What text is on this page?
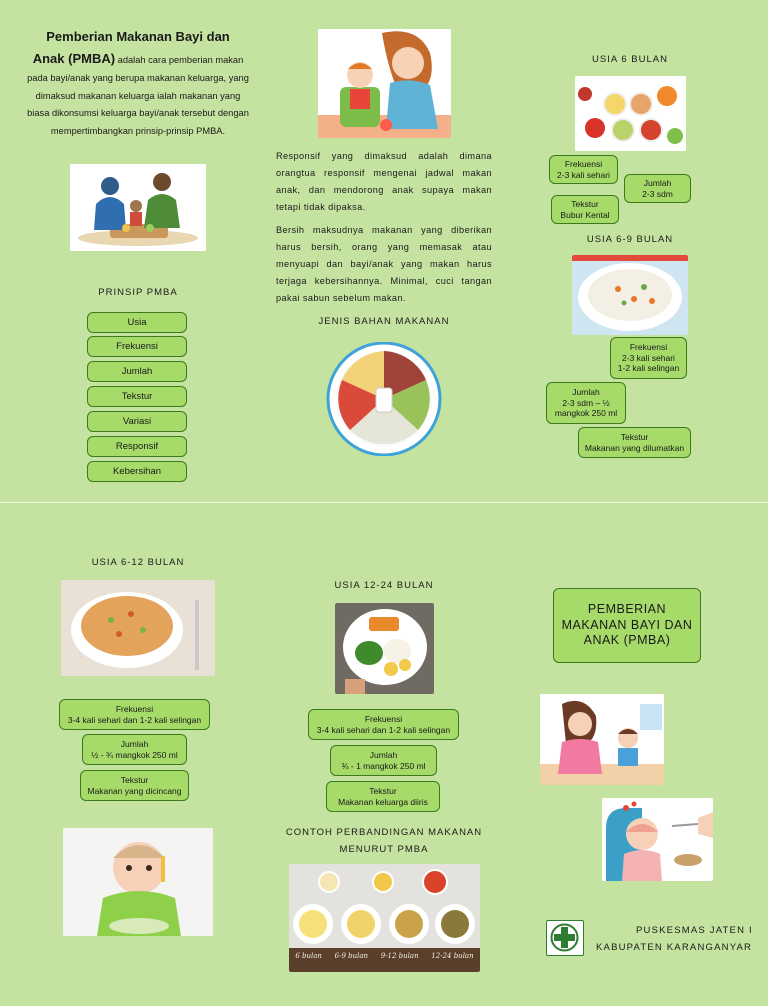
Pemberian Makanan Bayi dan
Anak (PMBA) adalah cara pemberian makan pada bayi/anak yang berupa makanan keluarga, yang dimaksud makanan keluarga ialah makanan yang biasa dikonsumsi keluarga bayi/anak tersebut dengan mempertimbangkan prinsip-prinsip PMBA.
PRINSIP PMBA
Usia
Frekuensi
Jumlah
Tekstur
Variasi
Responsif
Kebersihan
Responsif yang dimaksud adalah dimana orangtua responsif mengenai jadwal makan anak, dan mendorong anak supaya makan tetapi tidak dipaksa.
Bersih maksudnya makanan yang diberikan harus bersih, orang yang memasak atau menyuapi dan bayi/anak yang makan harus terjaga kebersihannya. Minimal, cuci tangan pakai sabun sebelum makan.
JENIS BAHAN MAKANAN
USIA 6 BULAN
Frekuensi
2-3 kali sehari
Jumlah
2-3 sdm
Tekstur
Bubur Kental
USIA 6-9 BULAN
Frekuensi
2-3 kali sehari
1-2 kali selingan
Jumlah
2-3 sdm – ½
mangkok 250 ml
Tekstur
Makanan yang dilumatkan
USIA 6-12 BULAN
Frekuensi
3-4 kali sehari dan 1-2 kali selingan
Jumlah
½ - ¾ mangkok 250 ml
Tekstur
Makanan yang dicincang
USIA 12-24 BULAN
Frekuensi
3-4 kali sehari dan 1-2 kali selingan
Jumlah
¾ - 1 mangkok 250 ml
Tekstur
Makanan keluarga diiris
CONTOH PERBANDINGAN MAKANAN
MENURUT PMBA
6 bulan 6-9 bulan 9-12 bulan 12-24 bulan
PEMBERIAN MAKANAN BAYI DAN ANAK (PMBA)
PUSKESMAS JATEN I
KABUPATEN KARANGANYAR
